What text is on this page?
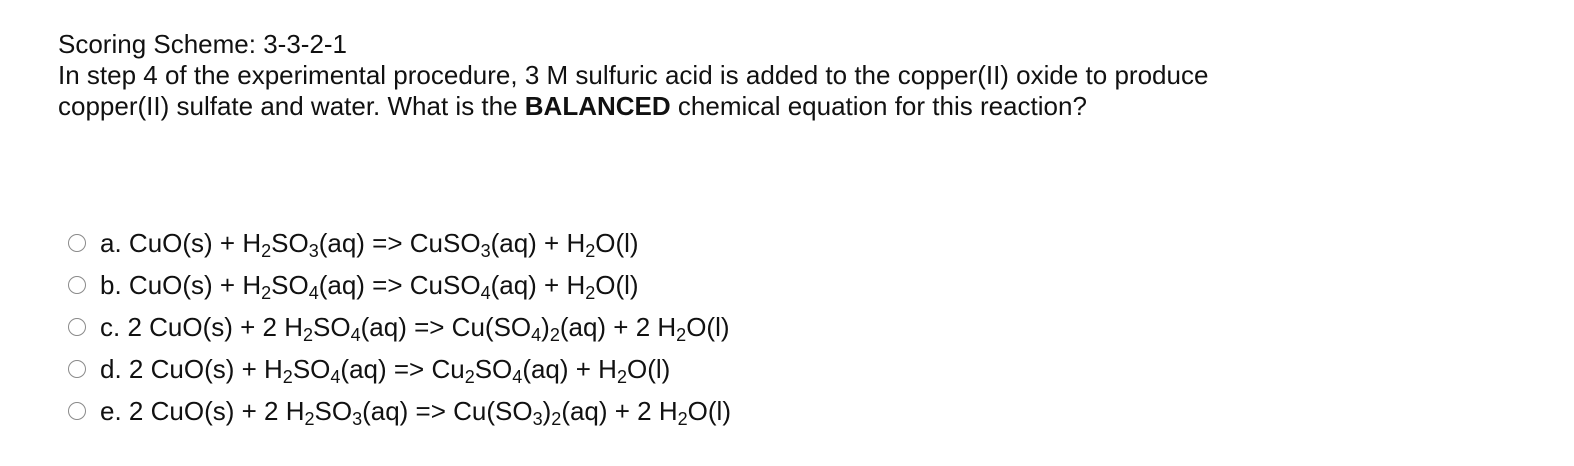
Scoring Scheme: 3-3-2-1

In step 4 of the experimental procedure, 3 M sulfuric acid is added to the copper(II) oxide to produce

copper(II) sulfate and water. What is the BALANCED chemical equation for this reaction?

a. $CuO(s) + H_2SO_3(aq)$ => CuSO$_3$(aq) + $H_2O(l)$
b. $CuO(s) + H_2SO_4(aq)$ => CuSO$_4$(aq) + $H_2O(l)$
c. 2 CuO(s) + 2 $H_2SO_4(aq) => Cu(SO_4)_2(aq) + 2$ $H_2O(l)$
d. 2 $CuO(s) + H_2SO_4(aq) => Cu_2SO_4(aq) + H_2O(l)$
e. 2 CuO(s) + 2 $H_2SO_3(aq) => Cu(SO_3)_2(aq) + 2$ $H_2O(l)$
